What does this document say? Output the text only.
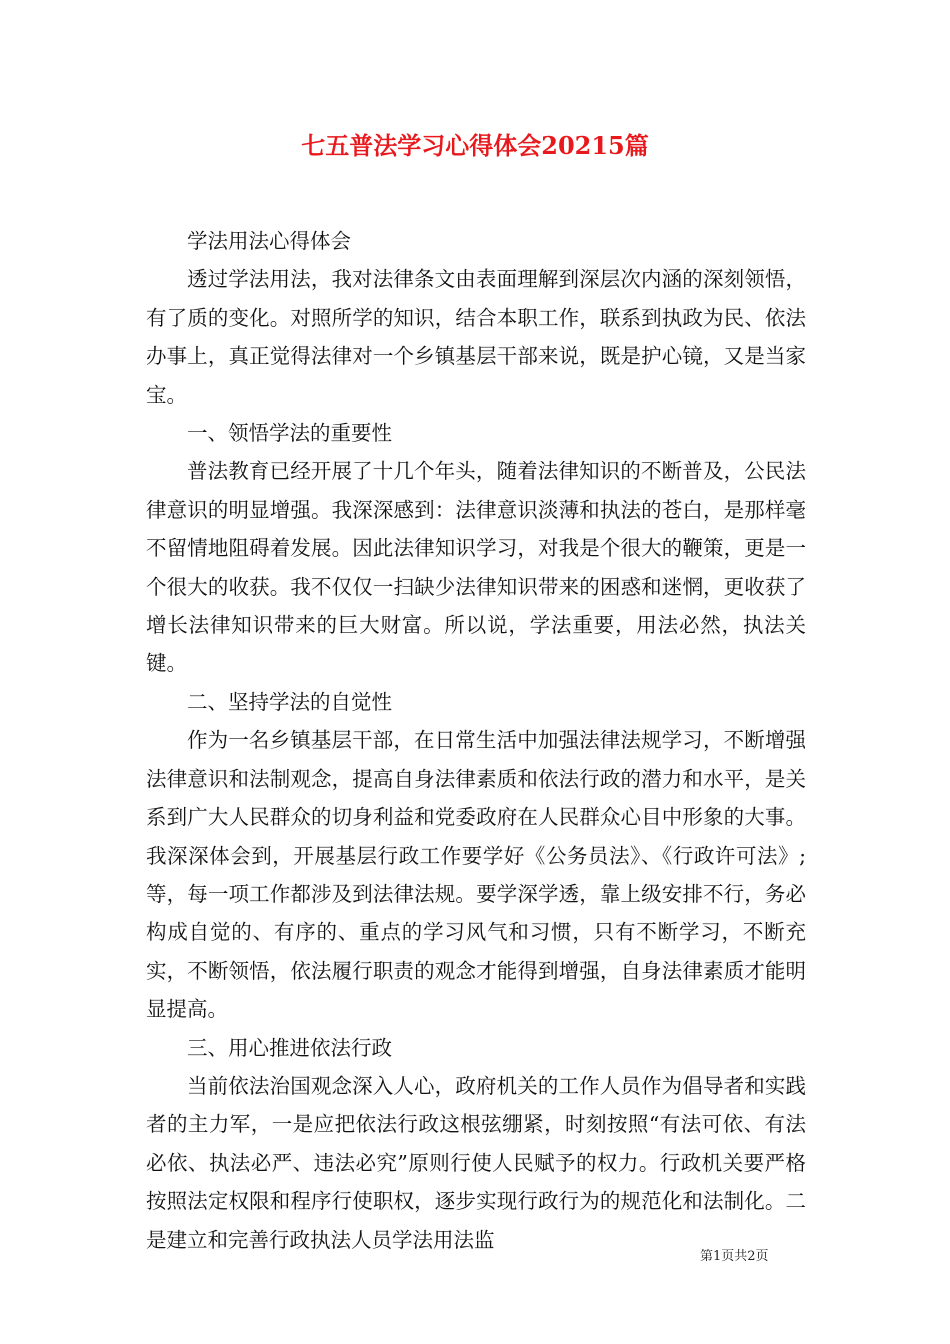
七五普法学习心得体会20215篇

学法用法心得体会

透过学法用法，我对法律条文由表面理解到深层次内涵的深刻领悟，有了质的变化。对照所学的知识，结合本职工作，联系到执政为民、依法办事上，真正觉得法律对一个乡镇基层干部来说，既是护心镜，又是当家宝。

一、领悟学法的重要性

普法教育已经开展了十几个年头，随着法律知识的不断普及，公民法律意识的明显增强。我深深感到：法律意识淡薄和执法的苍白，是那样毫不留情地阻碍着发展。因此法律知识学习，对我是个很大的鞭策，更是一个很大的收获。我不仅仅一扫缺少法律知识带来的困惑和迷惘，更收获了增长法律知识带来的巨大财富。所以说，学法重要，用法必然，执法关键。

二、坚持学法的自觉性

作为一名乡镇基层干部，在日常生活中加强法律法规学习，不断增强法律意识和法制观念，提高自身法律素质和依法行政的潜力和水平，是关系到广大人民群众的切身利益和党委政府在人民群众心目中形象的大事。我深深体会到，开展基层行政工作要学好《公务员法》、《行政许可法》;等，每一项工作都涉及到法律法规。要学深学透，靠上级安排不行，务必构成自觉的、有序的、重点的学习风气和习惯，只有不断学习，不断充实，不断领悟，依法履行职责的观念才能得到增强，自身法律素质才能明显提高。

三、用心推进依法行政

当前依法治国观念深入人心，政府机关的工作人员作为倡导者和实践者的主力军，一是应把依法行政这根弦绷紧，时刻按照“有法可依、有法必依、执法必严、违法必究”原则行使人民赋予的权力。行政机关要严格按照法定权限和程序行使职权，逐步实现行政行为的规范化和法制化。二是建立和完善行政执法人员学法用法监

第1页共2页
